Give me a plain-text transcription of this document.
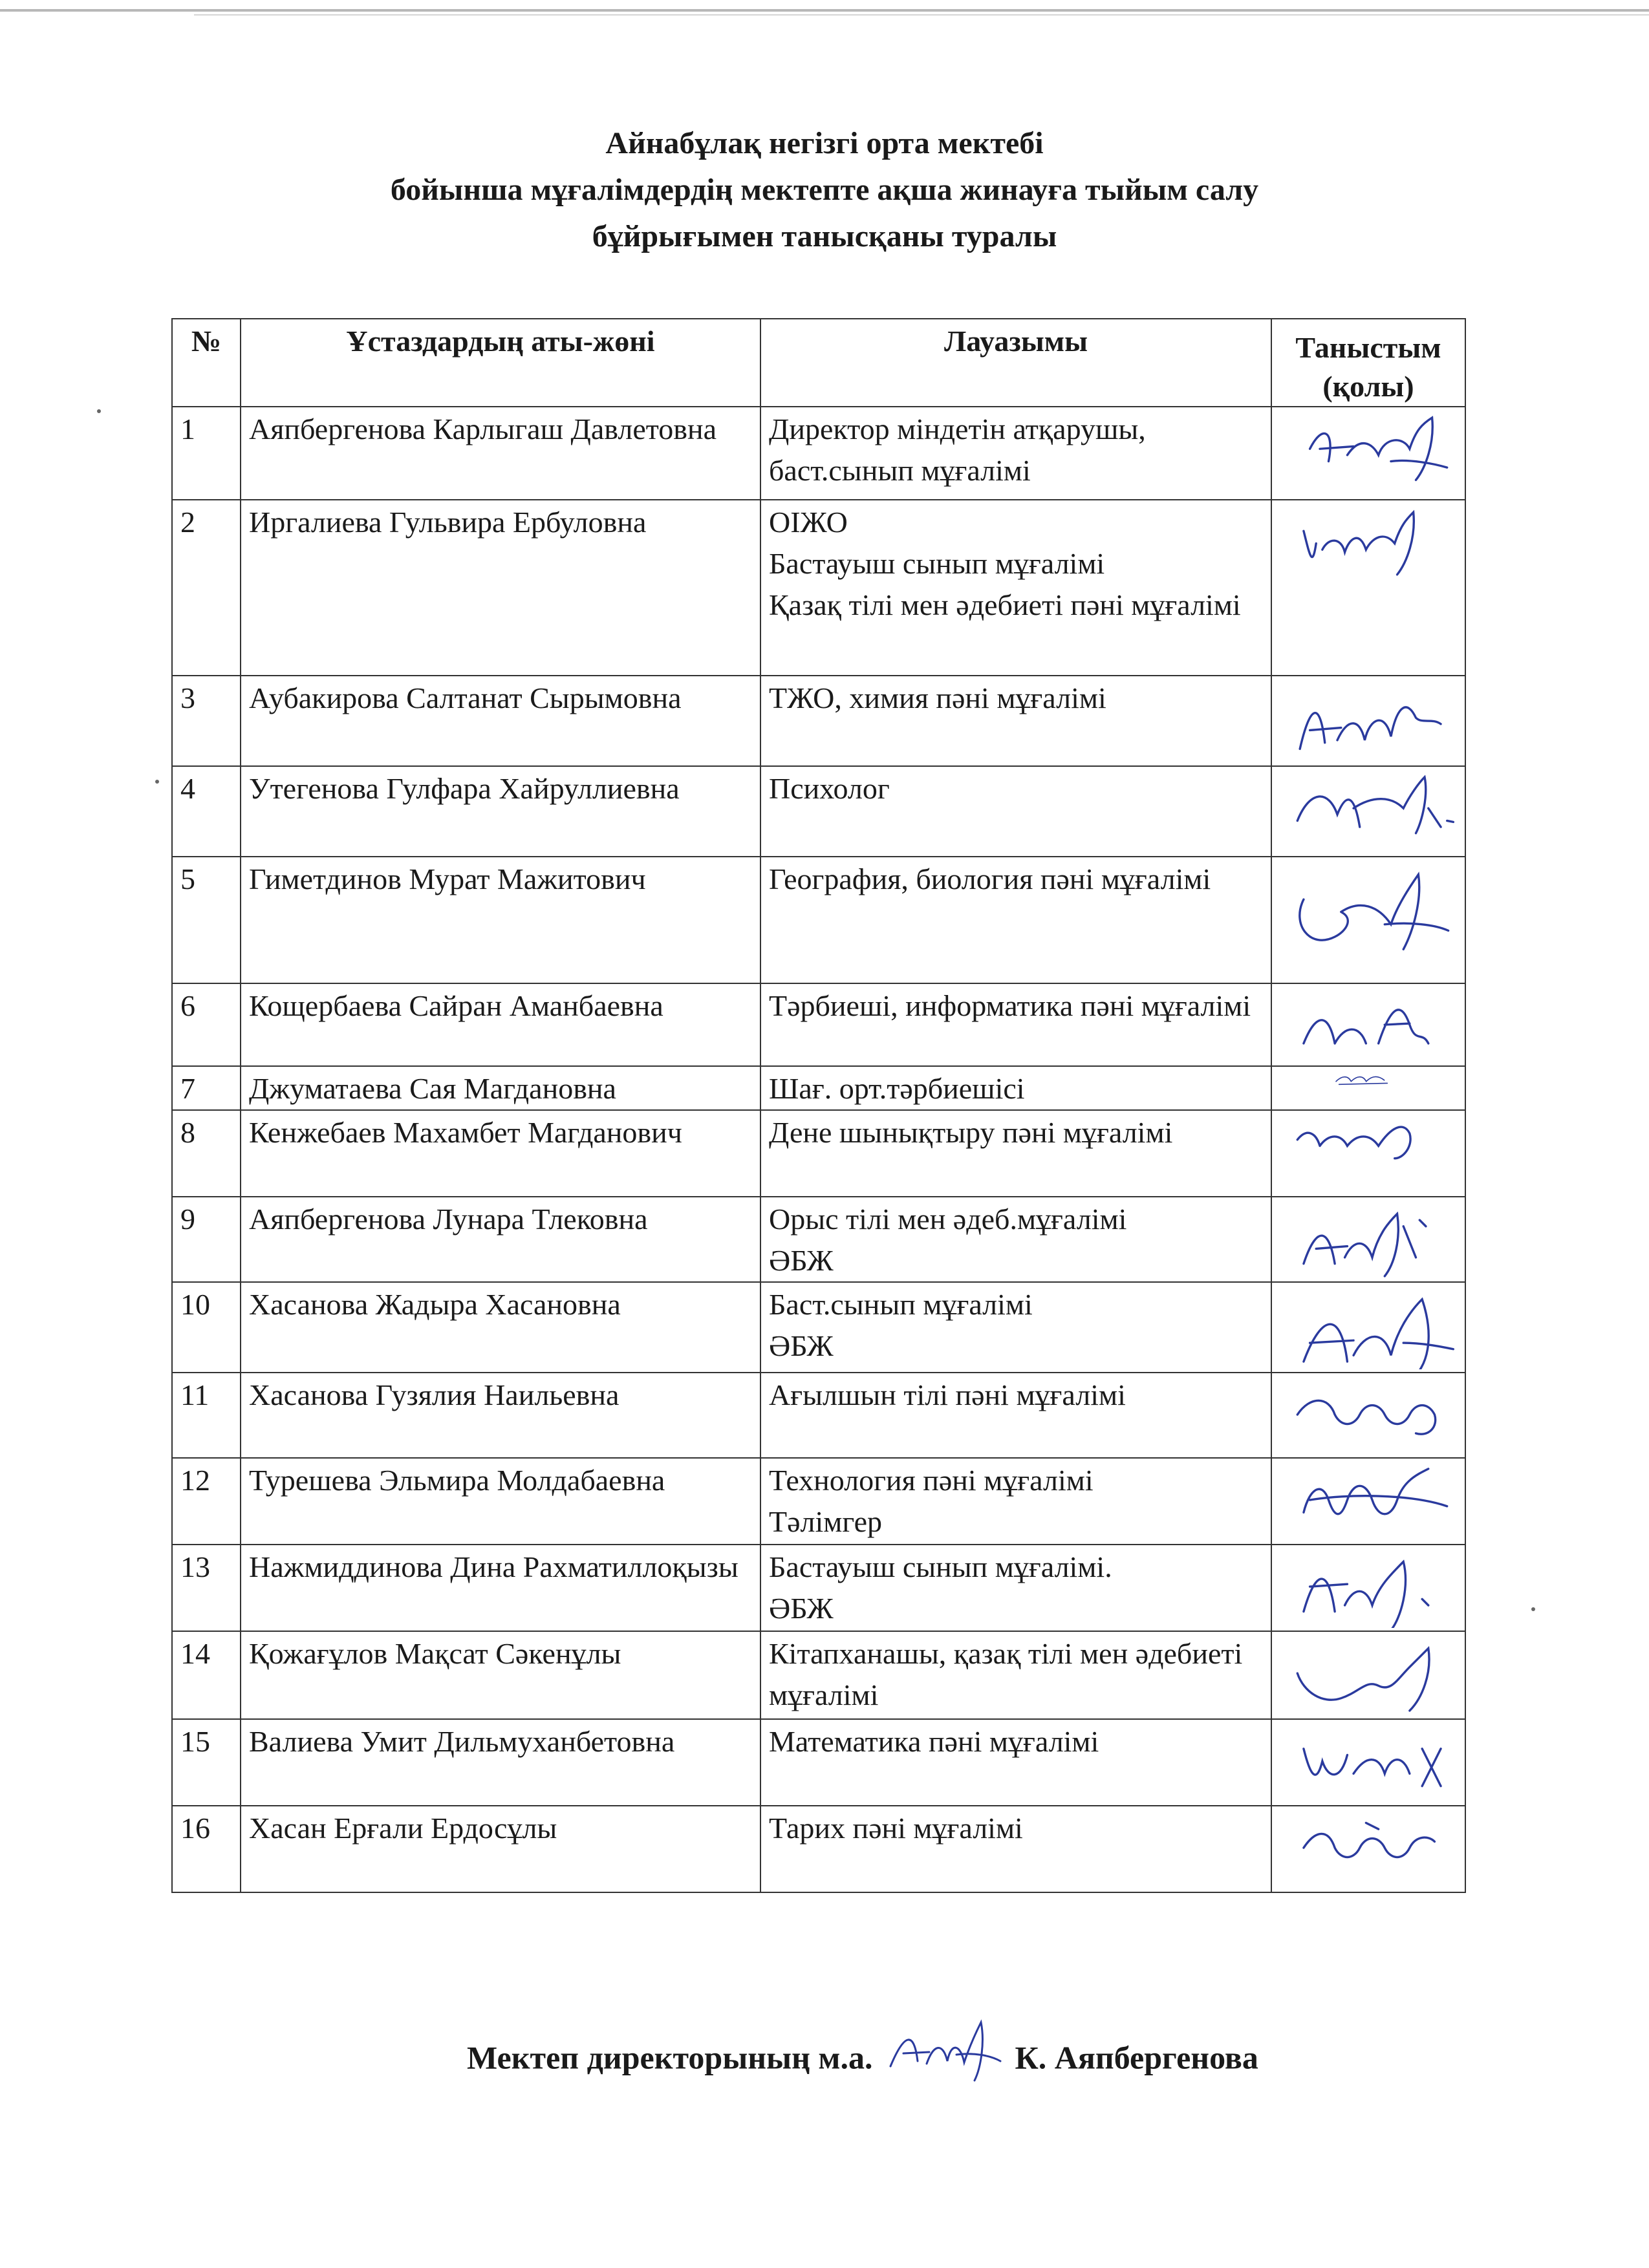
Айнабұлақ негізгі орта мектебі
бойынша мұғалімдердің мектепте ақша жинауға тыйым салу
бұйрығымен танысқаны туралы
№	Ұстаздардың аты-жөні	Лауазымы	Таныстым (қолы)
1	Аяпбергенова Карлыгаш Давлетовна	Директор міндетін атқарушы, баст.сынып мұғалімі	

2	Иргалиева Гульвира Ербуловна	ОІЖО
Бастауыш сынып мұғалімі
Қазақ тілі мен әдебиеті пәні мұғалімі	

3	Аубакирова Салтанат Сырымовна	ТЖО, химия пәні мұғалімі	

4	Утегенова Гулфара Хайруллиевна	Психолог	

5	Гиметдинов Мурат Мажитович	География, биология пәні мұғалімі	

6	Кощербаева Сайран Аманбаевна	Тәрбиеші, информатика пәні мұғалімі	

7	Джуматаева Сая Магдановна	Шағ. орт.тәрбиешісі	

8	Кенжебаев Махамбет Магданович	Дене шынықтыру пәні мұғалімі	

9	Аяпбергенова Лунара Тлековна	Орыс тілі мен әдеб.мұғалімі
ӘБЖ	

10	Хасанова Жадыра Хасановна	Баст.сынып мұғалімі
ӘБЖ	

11	Хасанова Гузялия Наильевна	Ағылшын тілі пәні мұғалімі	

12	Турешева Эльмира Молдабаевна	Технология пәні мұғалімі
Тәлімгер	

13	Нажмиддинова Дина Рахматиллоқызы	Бастауыш сынып мұғалімі.
ӘБЖ	

14	Қожағұлов Мақсат Сәкенұлы	Кітапханашы, қазақ тілі мен әдебиеті мұғалімі	

15	Валиева Умит Дильмуханбетовна	Математика пәні мұғалімі	

16	Хасан Ерғали Ердосұлы	Тарих пәні мұғалімі	
Мектеп директорының м.а.	К. Аяпбергенова
